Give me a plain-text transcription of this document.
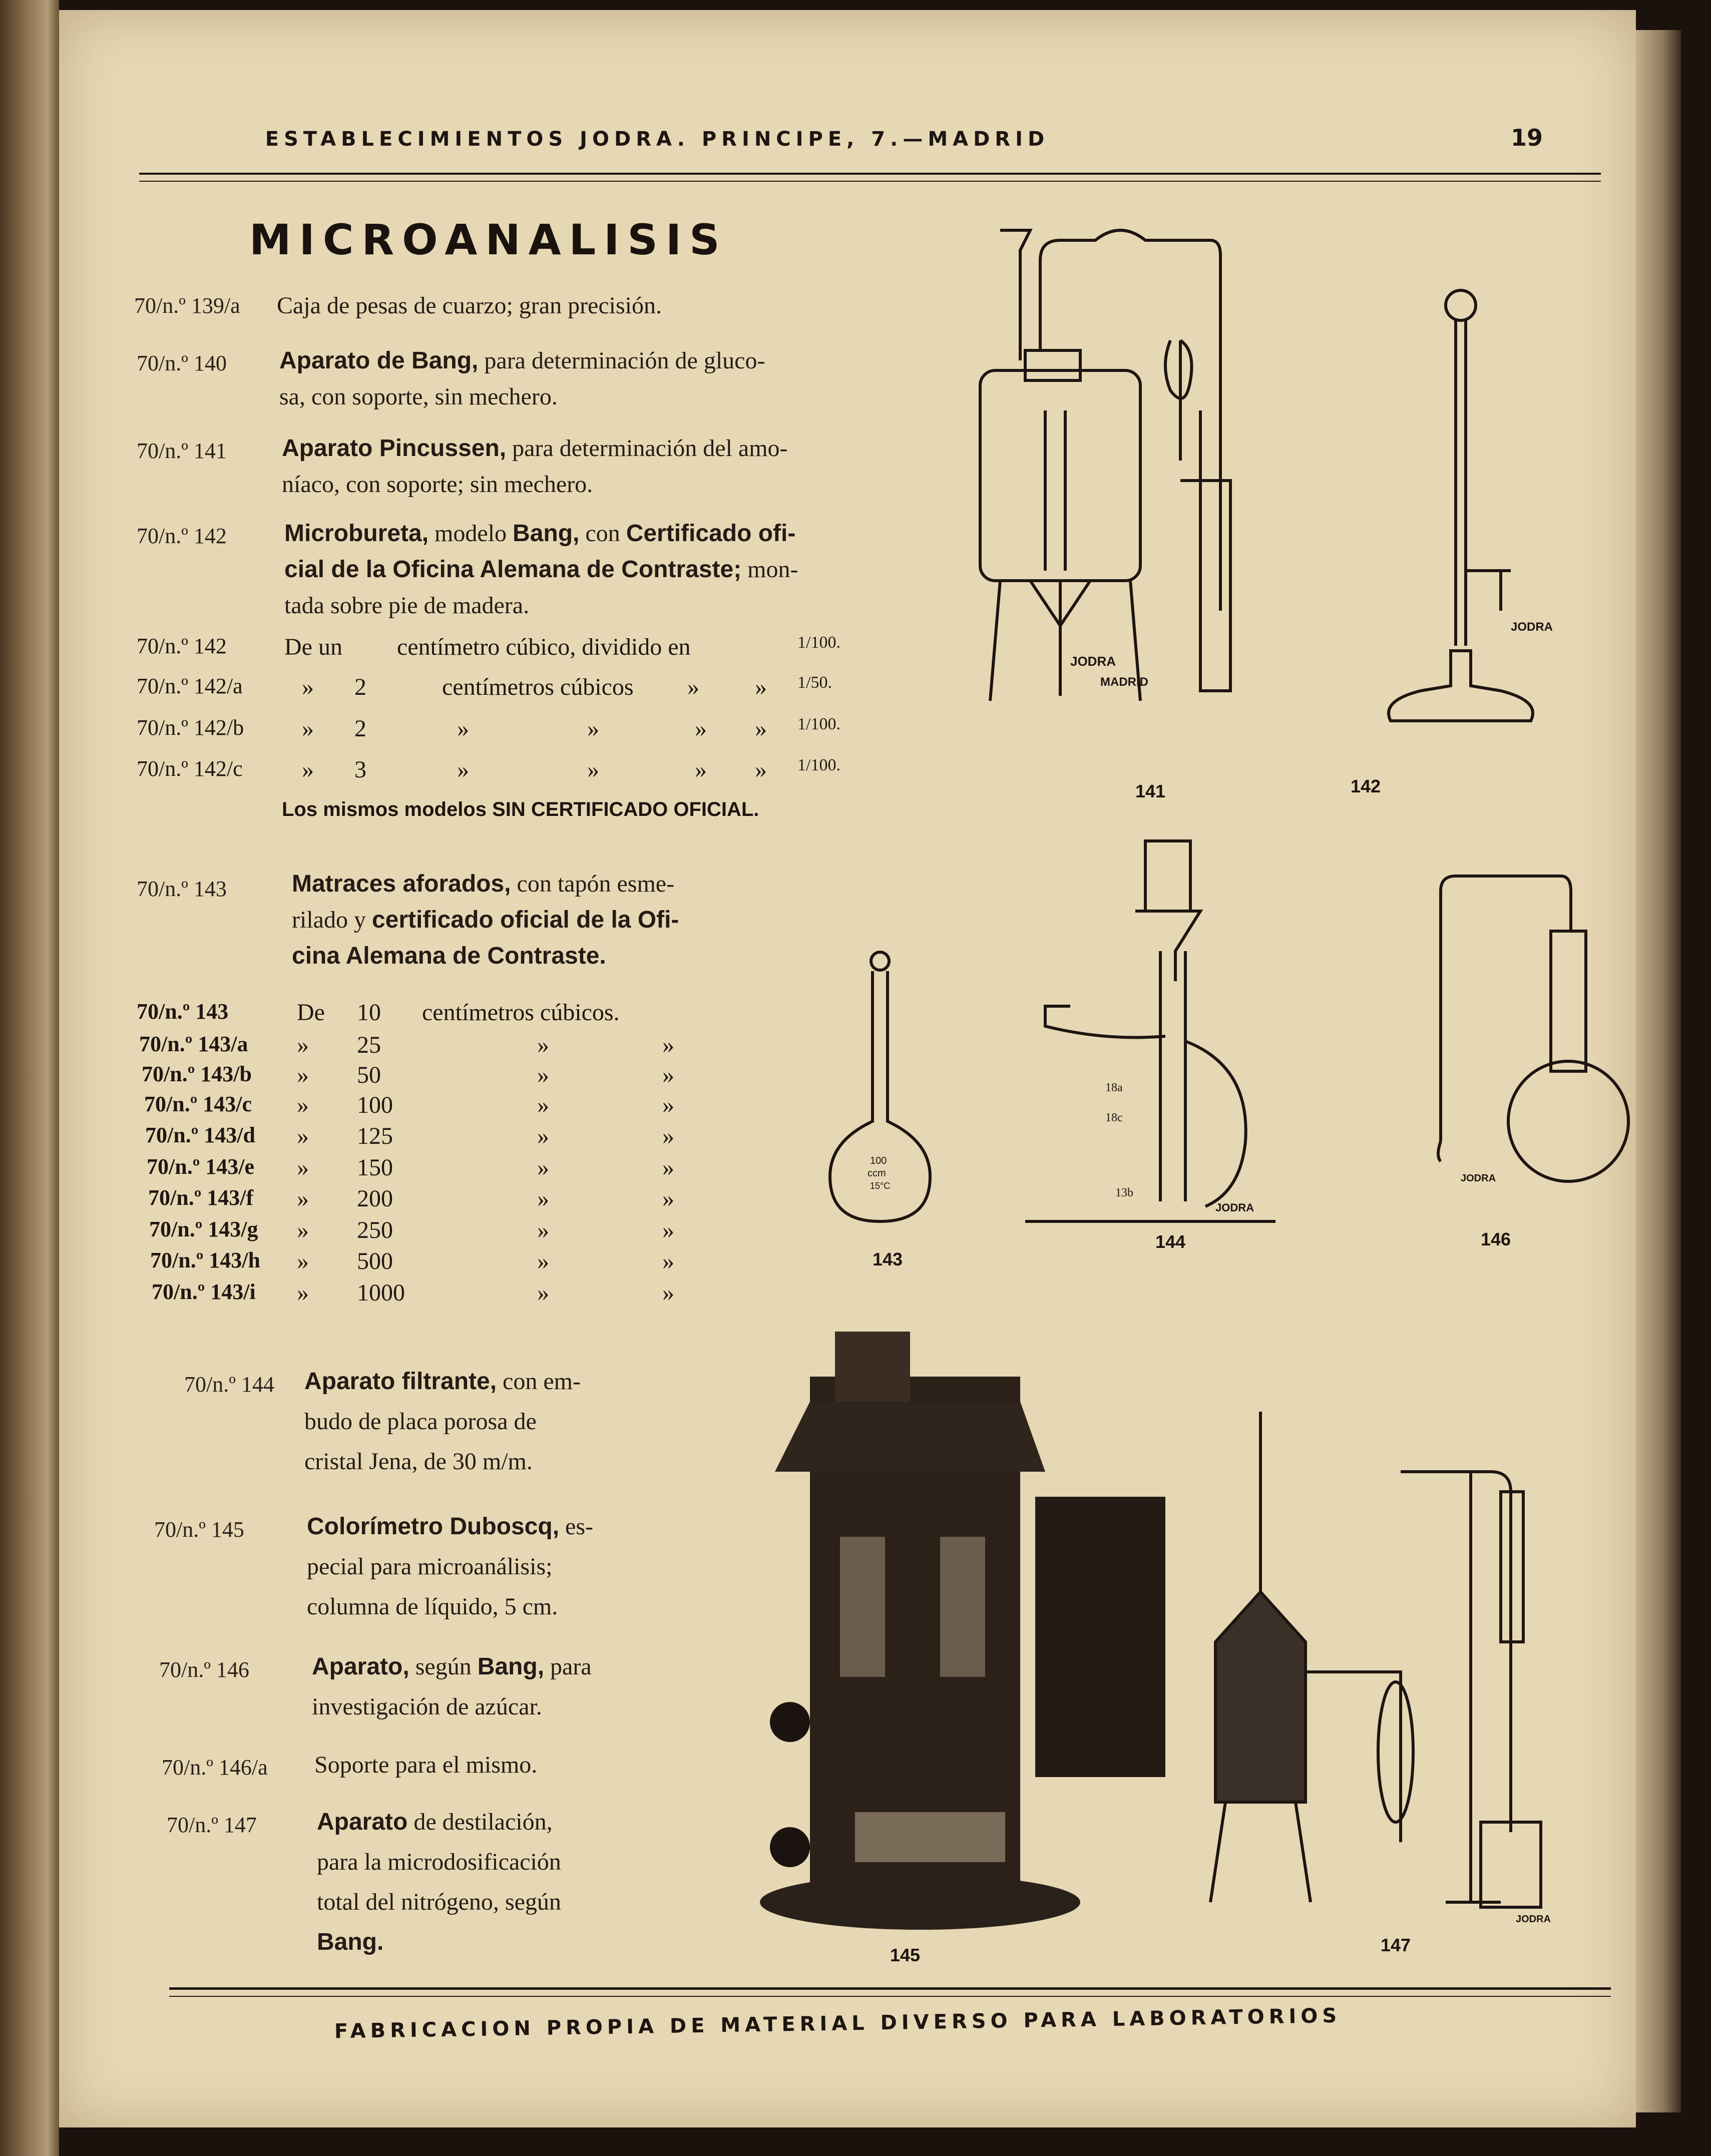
ESTABLECIMIENTOS JODRA. PRINCIPE, 7.—MADRID	19
MICROANALISIS
70/n.º 139/a Caja de pesas de cuarzo; gran precisión.
70/n.º 140 Aparato de Bang, para determinación de gluco-
sa, con soporte, sin mechero.
70/n.º 141 Aparato Pincussen, para determinación del amo-
níaco, con soporte; sin mechero.
70/n.º 142 Microbureta, modelo Bang, con Certificado ofi-
cial de la Oficina Alemana de Contraste; mon-
tada sobre pie de madera.
70/n.º 142 De un centímetro cúbico, dividido en	1/100.
70/n.º 142/a » 2	centímetros cúbicos » » 1/50.
70/n.º 142/b » 2	»	»	» » 1/100.
70/n.º 142/c » 3	»	»	» » 1/100.
Los mismos modelos SIN CERTIFICADO OFICIAL.
70/n.º 143	Matraces aforados, con tapón esme-
rilado y certificado oficial de la Ofi-
cina Alemana de Contraste.
70/n.º 143	De 10 centímetros cúbicos.
70/n.º 143/a » 25	»	»
70/n.º 143/b » 50	»	»
70/n.º 143/c » 100	»	»
70/n.º 143/d » 125	»	»
70/n.º 143/e » 150	»	»
70/n.º 143/f » 200	»	»
70/n.º 143/g » 250	»	»
70/n.º 143/h » 500	»	»
70/n.º 143/i » 1000	»	»
70/n.º 144 Aparato filtrante, con em-
budo de placa porosa de
cristal Jena, de 30 m/m.
70/n.º 145	Colorímetro Duboscq, es-
pecial para microanálisis;
columna de líquido, 5 cm.
70/n.º 146	Aparato, según Bang, para
investigación de azúcar.
70/n.º 146/a Soporte para el mismo.
70/n.º 147	Aparato de destilación,
para la microdosificación
total del nitrógeno, según
Bang.
JODRA
MADRID
141
JODRA
142
100
ccm
15°C
143
18a
18c
13b
JODRA
144
JODRA
146
145
JODRA
147
FABRICACION PROPIA DE MATERIAL DIVERSO PARA LABORATORIOS
